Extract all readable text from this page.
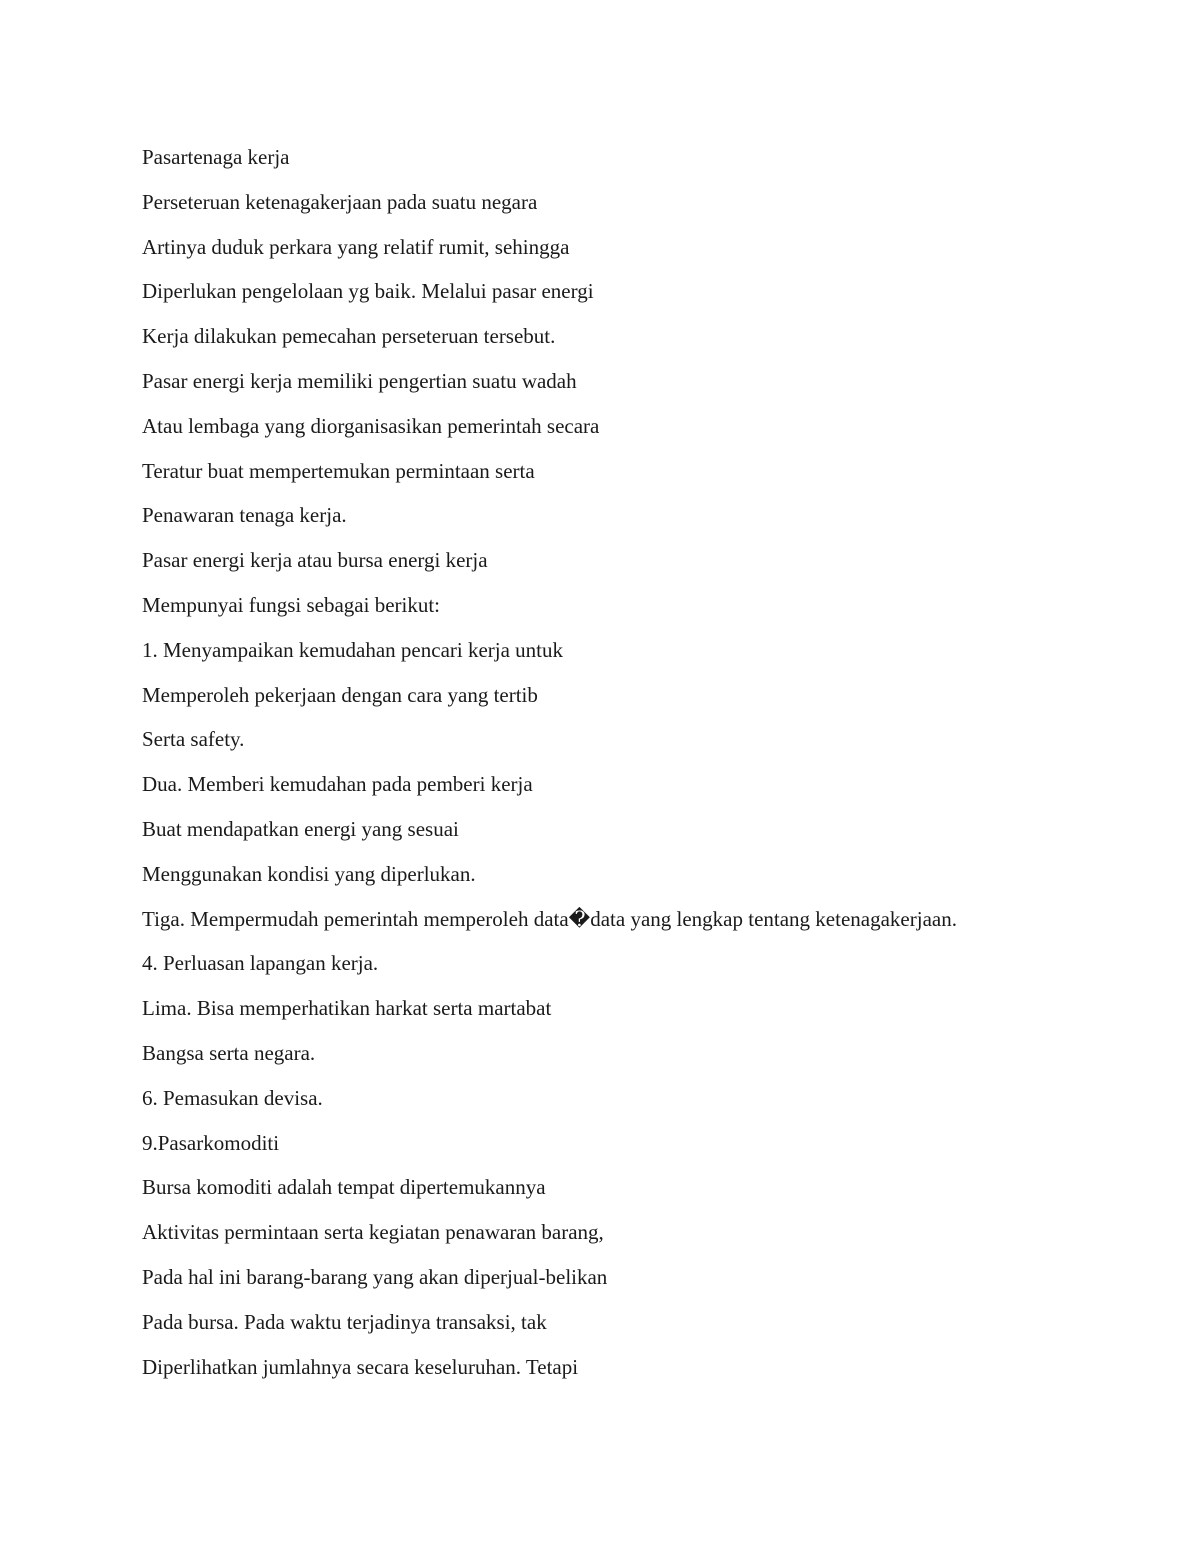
Pasartenaga kerja

Perseteruan ketenagakerjaan pada suatu negara

Artinya duduk perkara yang relatif rumit, sehingga

Diperlukan pengelolaan yg baik. Melalui pasar energi

Kerja dilakukan pemecahan perseteruan tersebut.

Pasar energi kerja memiliki pengertian suatu wadah

Atau lembaga yang diorganisasikan pemerintah secara

Teratur buat mempertemukan permintaan serta

Penawaran tenaga kerja.

Pasar energi kerja atau bursa energi kerja

Mempunyai fungsi sebagai berikut:

1. Menyampaikan kemudahan pencari kerja untuk

Memperoleh pekerjaan dengan cara yang tertib

Serta safety.

Dua. Memberi kemudahan pada pemberi kerja

Buat mendapatkan energi yang sesuai

Menggunakan kondisi yang diperlukan.

Tiga. Mempermudah pemerintah memperoleh data�data yang lengkap tentang ketenagakerjaan.

4. Perluasan lapangan kerja.

Lima. Bisa memperhatikan harkat serta martabat

Bangsa serta negara.

6. Pemasukan devisa.

9.Pasarkomoditi

Bursa komoditi adalah tempat dipertemukannya

Aktivitas permintaan serta kegiatan penawaran barang,

Pada hal ini barang-barang yang akan diperjual-belikan

Pada bursa. Pada waktu terjadinya transaksi, tak

Diperlihatkan jumlahnya secara keseluruhan. Tetapi
